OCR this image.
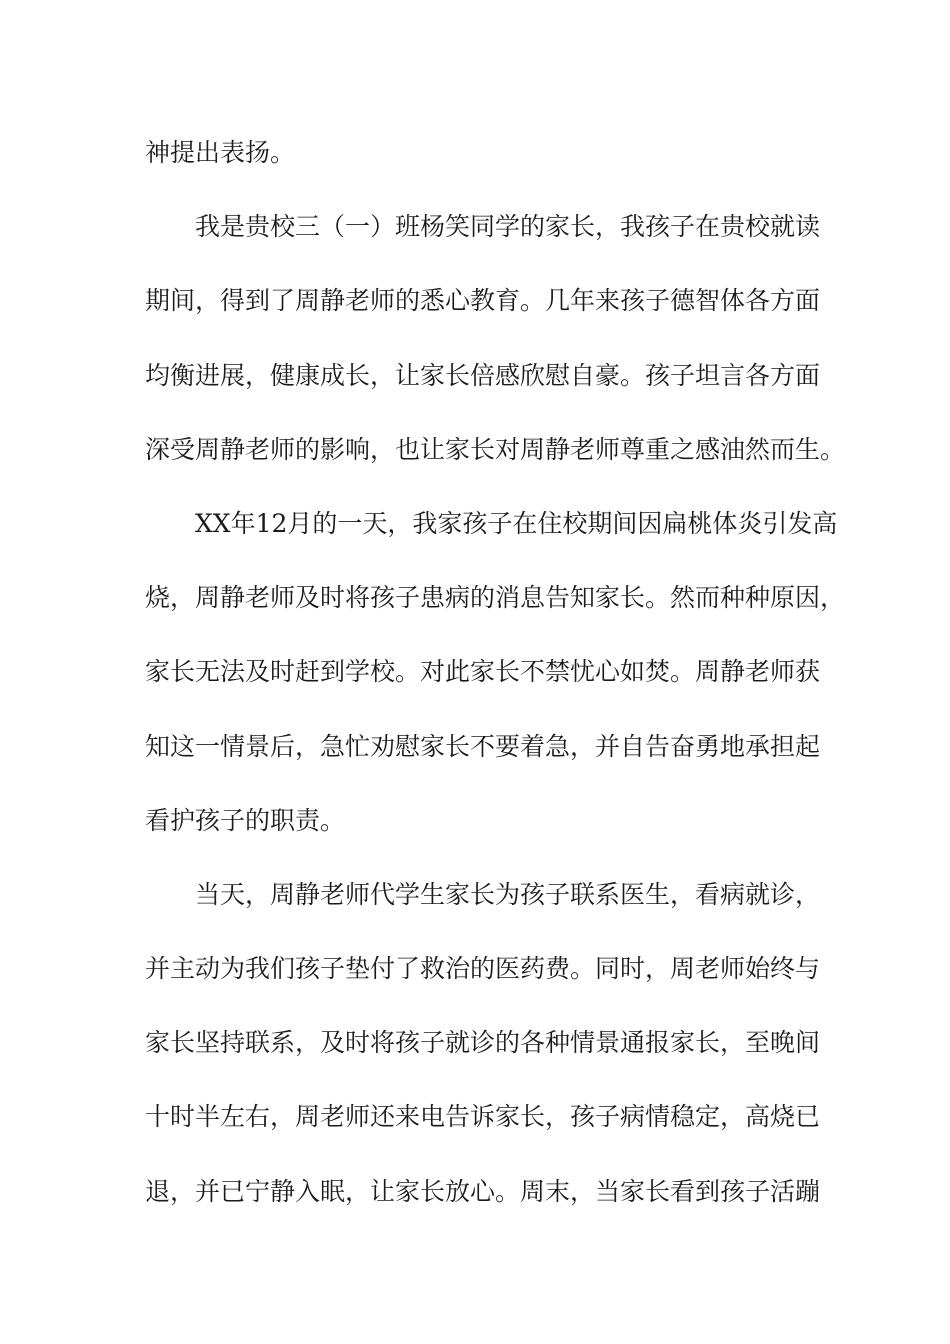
神提出表扬。
我是贵校三（一）班杨笑同学的家长，我孩子在贵校就读
期间，得到了周静老师的悉心教育。几年来孩子德智体各方面
均衡进展，健康成长，让家长倍感欣慰自豪。孩子坦言各方面
深受周静老师的影响，也让家长对周静老师尊重之感油然而生。
XX年12月的一天，我家孩子在住校期间因扁桃体炎引发高
烧，周静老师及时将孩子患病的消息告知家长。然而种种原因，
家长无法及时赶到学校。对此家长不禁忧心如焚。周静老师获
知这一情景后，急忙劝慰家长不要着急，并自告奋勇地承担起
看护孩子的职责。
当天，周静老师代学生家长为孩子联系医生，看病就诊，
并主动为我们孩子垫付了救治的医药费。同时，周老师始终与
家长坚持联系，及时将孩子就诊的各种情景通报家长，至晚间
十时半左右，周老师还来电告诉家长，孩子病情稳定，高烧已
退，并已宁静入眠，让家长放心。周末，当家长看到孩子活蹦
